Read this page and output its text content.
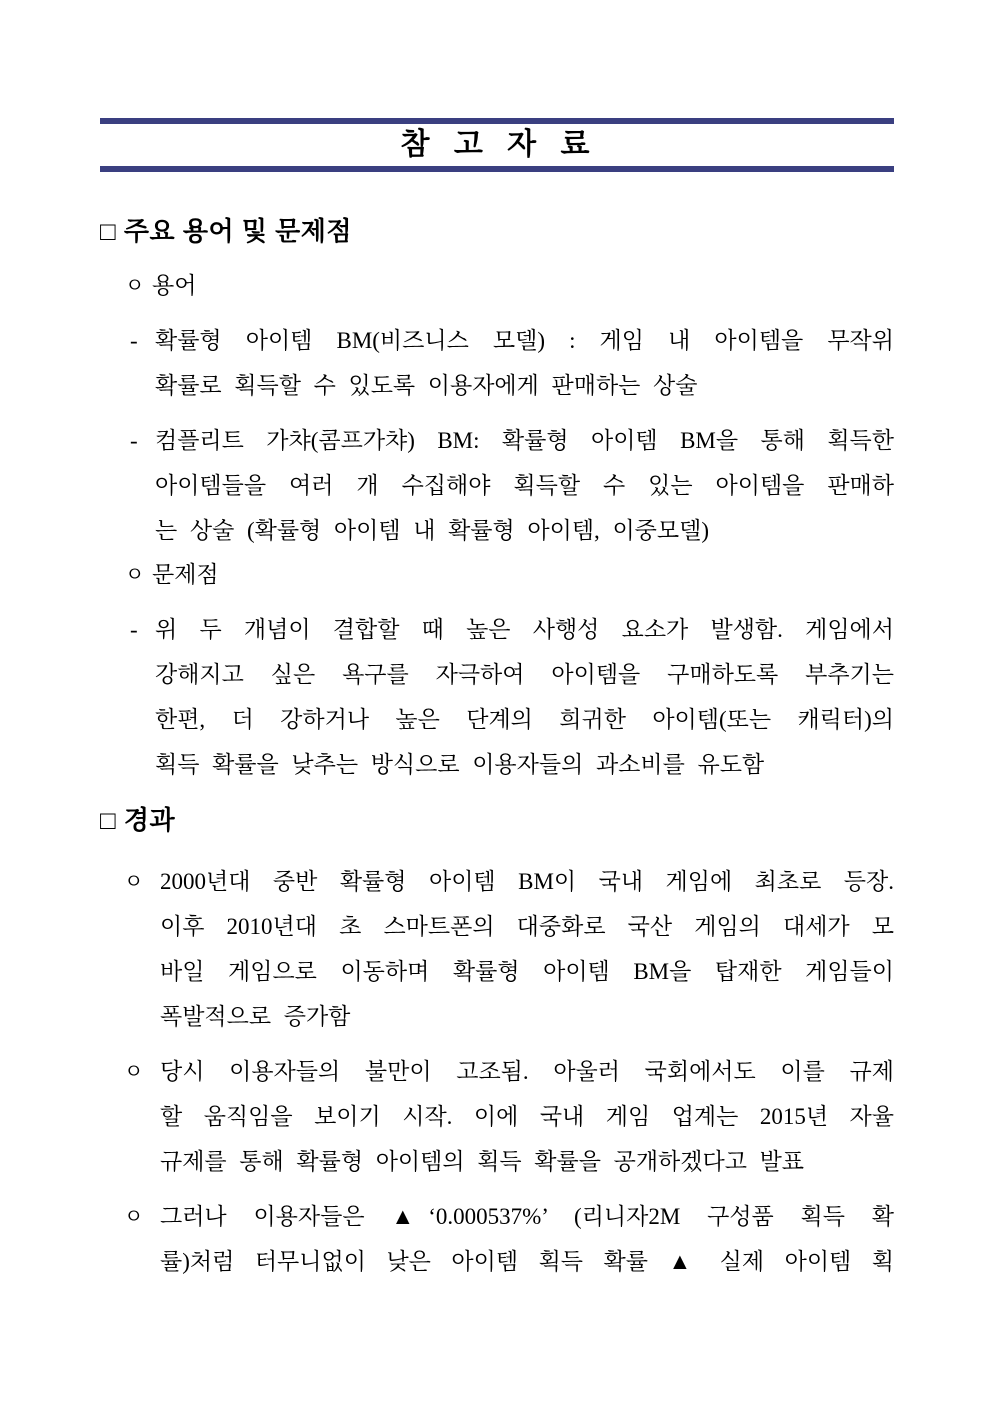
참 고 자 료
□ 주요 용어 및 문제점
ㅇ 용어
- 확률형 아이템 BM(비즈니스 모델) : 게임 내 아이템을 무작위
확률로 획득할 수 있도록 이용자에게 판매하는 상술
- 컴플리트 가챠(콤프가챠) BM: 확률형 아이템 BM을 통해 획득한
아이템들을 여러 개 수집해야 획득할 수 있는 아이템을 판매하
는 상술 (확률형 아이템 내 확률형 아이템, 이중모델)
ㅇ 문제점
- 위 두 개념이 결합할 때 높은 사행성 요소가 발생함. 게임에서
강해지고 싶은 욕구를 자극하여 아이템을 구매하도록 부추기는
한편, 더 강하거나 높은 단계의 희귀한 아이템(또는 캐릭터)의
획득 확률을 낮추는 방식으로 이용자들의 과소비를 유도함
□ 경과
ㅇ 2000년대 중반 확률형 아이템 BM이 국내 게임에 최초로 등장.
이후 2010년대 초 스마트폰의 대중화로 국산 게임의 대세가 모
바일 게임으로 이동하며 확률형 아이템 BM을 탑재한 게임들이
폭발적으로 증가함
ㅇ 당시 이용자들의 불만이 고조됨. 아울러 국회에서도 이를 규제
할 움직임을 보이기 시작. 이에 국내 게임 업계는 2015년 자율
규제를 통해 확률형 아이템의 획득 확률을 공개하겠다고 발표
ㅇ 그러나 이용자들은 ▲‘0.000537%’ (리니자2M 구성품 획득 확
률)처럼 터무니없이 낮은 아이템 획득 확률 ▲ 실제 아이템 획
